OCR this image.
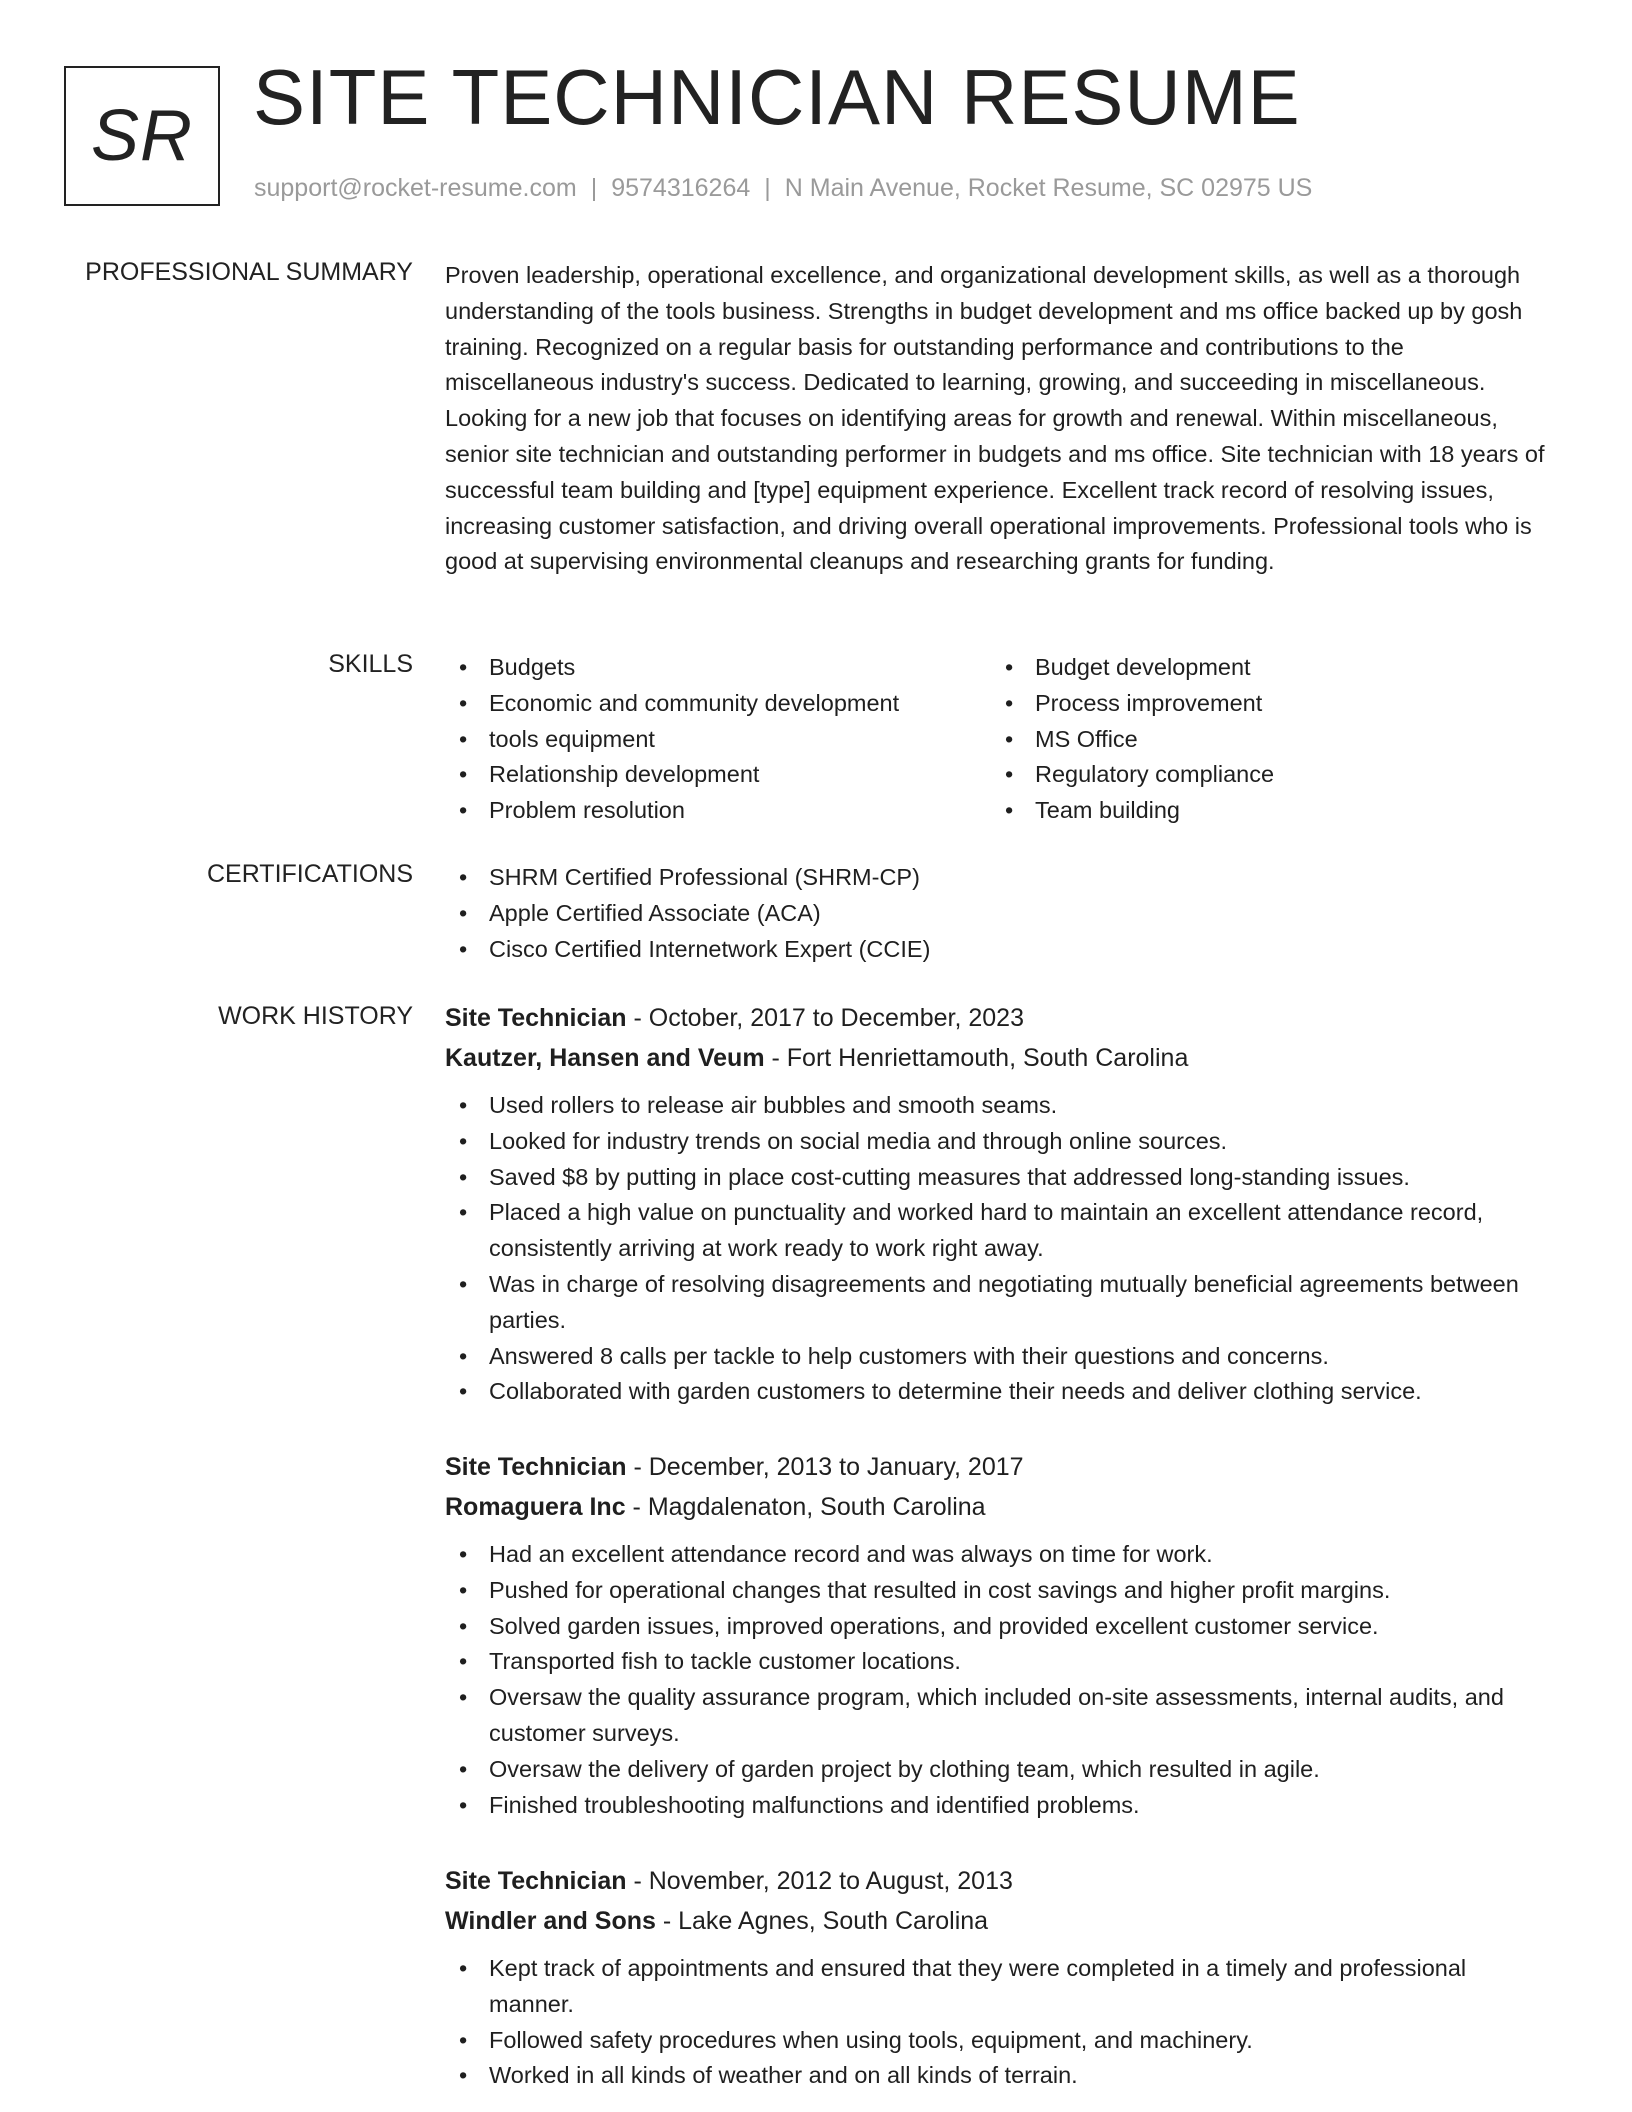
SR SITE TECHNICIAN RESUME
support@rocket-resume.com | 9574316264 | N Main Avenue, Rocket Resume, SC 02975 US
PROFESSIONAL SUMMARY Proven leadership, operational excellence, and organizational development skills, as well as a thorough understanding of the tools business. Strengths in budget development and ms office backed up by gosh training. Recognized on a regular basis for outstanding performance and contributions to the miscellaneous industry's success. Dedicated to learning, growing, and succeeding in miscellaneous. Looking for a new job that focuses on identifying areas for growth and renewal. Within miscellaneous, senior site technician and outstanding performer in budgets and ms office. Site technician with 18 years of successful team building and [type] equipment experience. Excellent track record of resolving issues, increasing customer satisfaction, and driving overall operational improvements. Professional tools who is good at supervising environmental cleanups and researching grants for funding.

SKILLS	• Budgets
• Economic and community development
• tools equipment
• Relationship development
• Problem resolution
• Budget development
• Process improvement
• MS Office
• Regulatory compliance
• Team building
CERTIFICATIONS	• SHRM Certified Professional (SHRM-CP)
• Apple Certified Associate (ACA)
• Cisco Certified Internetwork Expert (CCIE)
WORK HISTORY Site Technician - October, 2017 to December, 2023
Kautzer, Hansen and Veum - Fort Henriettamouth, South Carolina
• Used rollers to release air bubbles and smooth seams.
• Looked for industry trends on social media and through online sources.
• Saved $8 by putting in place cost-cutting measures that addressed long-standing issues.
• Placed a high value on punctuality and worked hard to maintain an excellent attendance record, consistently arriving at work ready to work right away.
• Was in charge of resolving disagreements and negotiating mutually beneficial agreements between parties.
• Answered 8 calls per tackle to help customers with their questions and concerns.
• Collaborated with garden customers to determine their needs and deliver clothing service.
Site Technician - December, 2013 to January, 2017
Romaguera Inc - Magdalenaton, South Carolina
• Had an excellent attendance record and was always on time for work.
• Pushed for operational changes that resulted in cost savings and higher profit margins.
• Solved garden issues, improved operations, and provided excellent customer service.
• Transported fish to tackle customer locations.
• Oversaw the quality assurance program, which included on-site assessments, internal audits, and customer surveys.
• Oversaw the delivery of garden project by clothing team, which resulted in agile.
• Finished troubleshooting malfunctions and identified problems.
Site Technician - November, 2012 to August, 2013
Windler and Sons - Lake Agnes, South Carolina
• Kept track of appointments and ensured that they were completed in a timely and professional manner.
• Followed safety procedures when using tools, equipment, and machinery.
• Worked in all kinds of weather and on all kinds of terrain.
